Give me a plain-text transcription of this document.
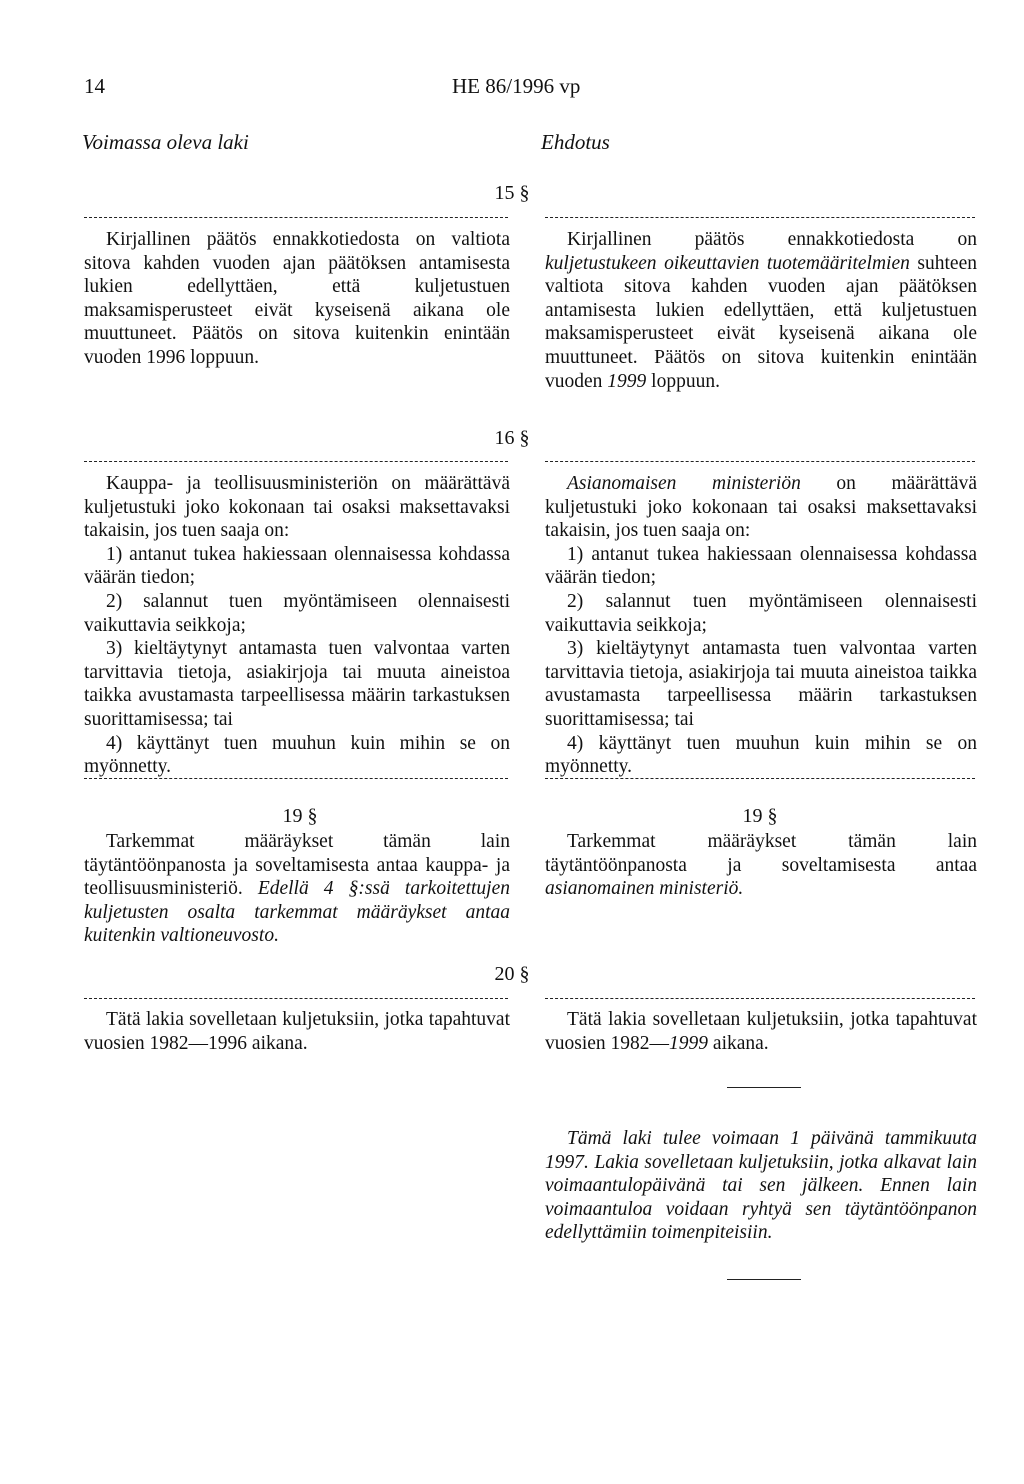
14	HE 86/1996 vp
Voimassa oleva laki	Ehdotus
15 §

Kirjallinen päätös ennakkotiedosta on valtiota sitova kahden vuoden ajan päätöksen antamisesta lukien edellyttäen, että kuljetustuen maksamisperusteet eivät kyseisenä aikana ole muuttuneet. Päätös on sitova kuitenkin enintään vuoden 1996 loppuun.

Kirjallinen päätös ennakkotiedosta on kuljetustukeen oikeuttavien tuotemääritelmien suhteen valtiota sitova kahden vuoden ajan päätöksen antamisesta lukien edellyttäen, että kuljetustuen maksamisperusteet eivät kyseisenä aikana ole muuttuneet. Päätös on sitova kuitenkin enintään vuoden 1999 loppuun.

16 §

Kauppa- ja teollisuusministeriön on määrättävä kuljetustuki joko kokonaan tai osaksi maksettavaksi takaisin, jos tuen saaja on:

1) antanut tukea hakiessaan olennaisessa kohdassa väärän tiedon;

2) salannut tuen myöntämiseen olennaisesti vaikuttavia seikkoja;

3) kieltäytynyt antamasta tuen valvontaa varten tarvittavia tietoja, asiakirjoja tai muuta aineistoa taikka avustamasta tarpeellisessa määrin tarkastuksen suorittamisessa; tai

4) käyttänyt tuen muuhun kuin mihin se on myönnetty.

Asianomaisen ministeriön on määrättävä kuljetustuki joko kokonaan tai osaksi maksettavaksi takaisin, jos tuen saaja on:

1) antanut tukea hakiessaan olennaisessa kohdassa väärän tiedon;

2) salannut tuen myöntämiseen olennaisesti vaikuttavia seikkoja;

3) kieltäytynyt antamasta tuen valvontaa varten tarvittavia tietoja, asiakirjoja tai muuta aineistoa taikka avustamasta tarpeellisessa määrin tarkastuksen suorittamisessa; tai

4) käyttänyt tuen muuhun kuin mihin se on myönnetty.

19 §	19 §

Tarkemmat määräykset tämän lain täytäntöönpanosta ja soveltamisesta antaa kauppa- ja teollisuusministeriö. Edellä 4 §:ssä tarkoitettujen kuljetusten osalta tarkemmat määräykset antaa kuitenkin valtioneuvosto.

Tarkemmat määräykset tämän lain täytäntöönpanosta ja soveltamisesta antaa asianomainen ministeriö.

20 §

Tätä lakia sovelletaan kuljetuksiin, jotka tapahtuvat vuosien 1982—1996 aikana.

Tätä lakia sovelletaan kuljetuksiin, jotka tapahtuvat vuosien 1982—1999 aikana.

Tämä laki tulee voimaan 1 päivänä tammikuuta 1997. Lakia sovelletaan kuljetuksiin, jotka alkavat lain voimaantulopäivänä tai sen jälkeen. Ennen lain voimaantuloa voidaan ryhtyä sen täytäntöönpanon edellyttämiin toimenpiteisiin.
